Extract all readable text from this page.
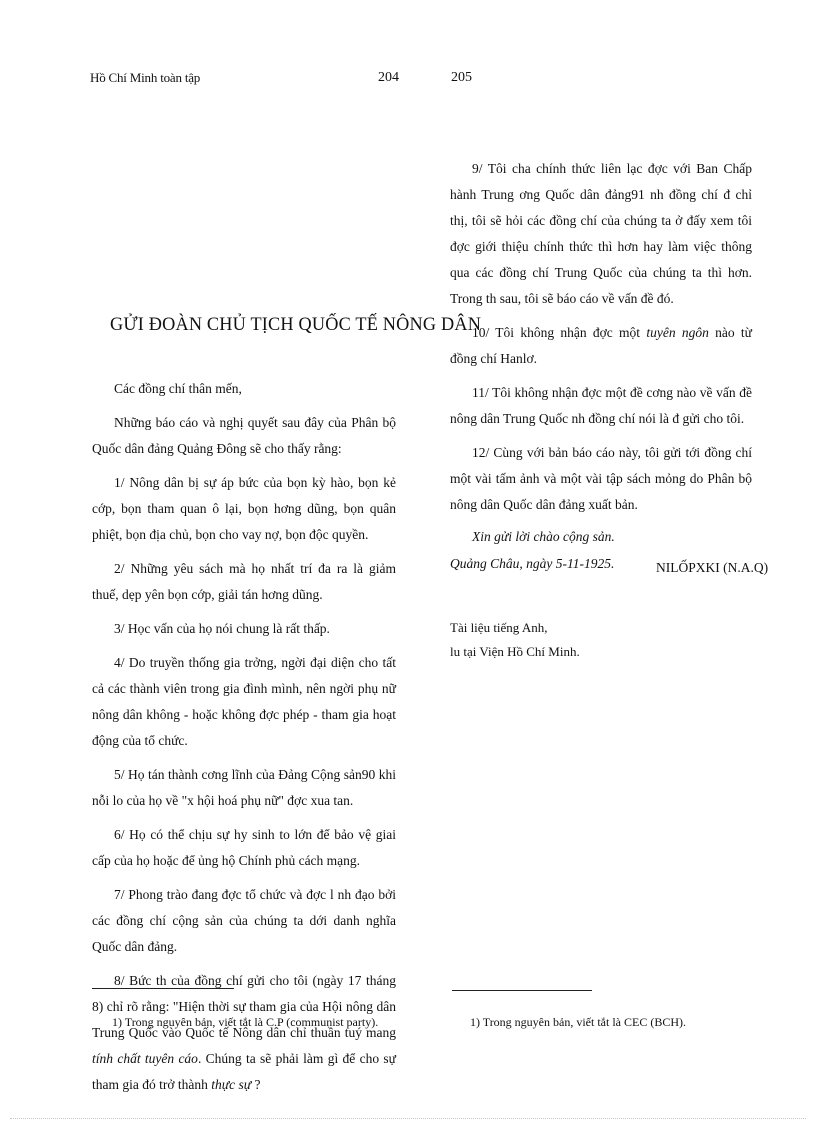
Hồ Chí Minh toàn tập	204
GỬI ĐOÀN CHỦ TỊCH QUỐC TẾ NÔNG DÂN

Các đồng chí thân mến,

Những báo cáo và nghị quyết sau đây của Phân bộ Quốc dân đảng Quảng Đông sẽ cho thấy rằng:

1/ Nông dân bị sự áp bức của bọn kỳ hào, bọn kẻ cớp, bọn tham quan ô lại, bọn hơng dũng, bọn quân phiệt, bọn địa chủ, bọn cho vay nợ, bọn độc quyền.

2/ Những yêu sách mà họ nhất trí đa ra là giảm thuế, dẹp yên bọn cớp, giải tán hơng dũng.

3/ Học vấn của họ nói chung là rất thấp.

4/ Do truyền thống gia trởng, ngời đại diện cho tất cả các thành viên trong gia đình mình, nên ngời phụ nữ nông dân không - hoặc không đợc phép - tham gia hoạt động của tổ chức.

5/ Họ tán thành cơng lĩnh của Đảng Cộng sản90 khi nỗi lo của họ về "x hội hoá phụ nữ" đợc xua tan.

6/ Họ có thể chịu sự hy sinh to lớn để bảo vệ giai cấp của họ hoặc để ủng hộ Chính phủ cách mạng.

7/ Phong trào đang đợc tổ chức và đợc l nh đạo bởi các đồng chí cộng sản của chúng ta dới danh nghĩa Quốc dân đảng.

8/ Bức th của đồng chí gửi cho tôi (ngày 17 tháng 8) chỉ rõ rằng: "Hiện thời sự tham gia của Hội nông dân Trung Quốc vào Quốc tế Nông dân chỉ thuần tuý mang tính chất tuyên cáo. Chúng ta sẽ phải làm gì để cho sự tham gia đó trở thành thực sự ?

1) Trong nguyên bản, viết tắt là C.P (communist party).
205

9/ Tôi cha chính thức liên lạc đợc với Ban Chấp hành Trung ơng Quốc dân đảng91 nh đồng chí đ chỉ thị, tôi sẽ hỏi các đồng chí của chúng ta ở đấy xem tôi đợc giới thiệu chính thức thì hơn hay làm việc thông qua các đồng chí Trung Quốc của chúng ta thì hơn. Trong th sau, tôi sẽ báo cáo về vấn đề đó.

10/ Tôi không nhận đợc một tuyên ngôn nào từ đồng chí Hanlơ.

11/ Tôi không nhận đợc một đề cơng nào về vấn đề nông dân Trung Quốc nh đồng chí nói là đ gửi cho tôi.

12/ Cùng với bản báo cáo này, tôi gửi tới đồng chí một vài tấm ảnh và một vài tập sách mỏng do Phân bộ nông dân Quốc dân đảng xuất bản.

Xin gửi lời chào cộng sản.

Quảng Châu, ngày 5-11-1925.	NILỐPXKI (N.A.Q)
Tài liệu tiếng Anh,
lu tại Viện Hồ Chí Minh.
1) Trong nguyên bản, viết tắt là CEC (BCH).
